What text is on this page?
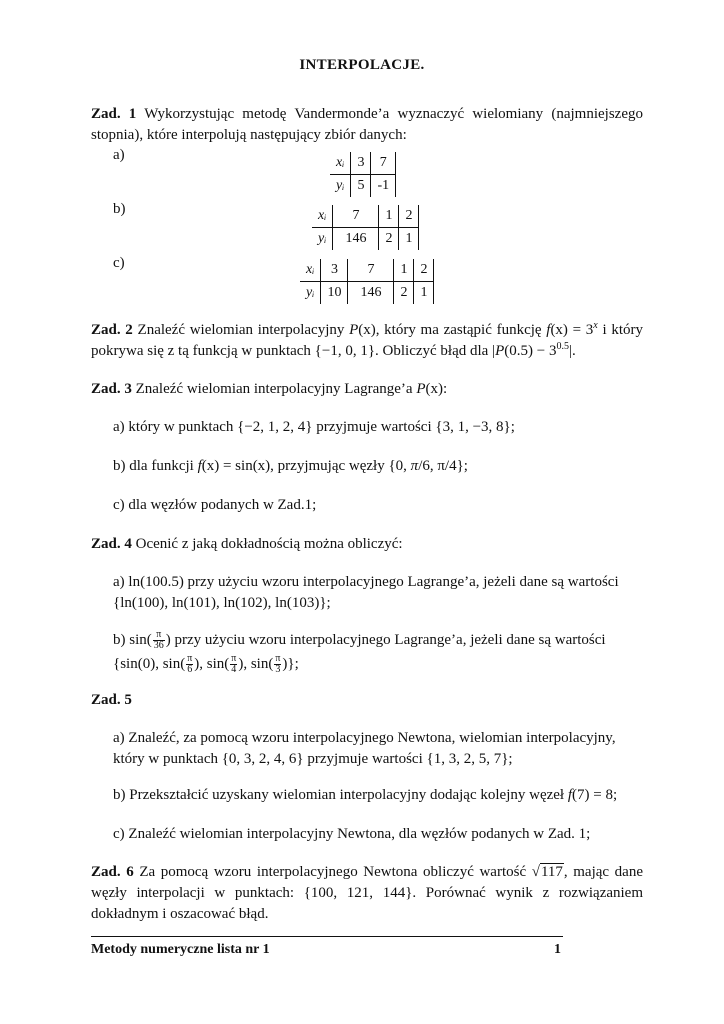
INTERPOLACJE.
Zad. 1 Wykorzystując metodę Vandermonde’a wyznaczyć wielomiany (najmniejszego stopnia), które interpolują następujący zbiór danych:
a)	xᵢ	3	7
yᵢ	5	-1
b)	xᵢ	7	1	2
yᵢ	146	2	1
c)	xᵢ	3	7	1	2
yᵢ	10	146	2	1
Zad. 2 Znaleźć wielomian interpolacyjny P(x), który ma zastąpić funkcję $f(x) = 3^x$ i który pokrywa się z tą funkcją w punktach {−1, 0, 1}. Obliczyć błąd dla $|P(0.5) - 3^{0.5}|$.
Zad. 3 Znaleźć wielomian interpolacyjny Lagrange’a P(x):
a) który w punktach {−2, 1, 2, 4} przyjmuje wartości {3, 1, −3, 8};
b) dla funkcji f(x) = sin(x), przyjmując węzły {0, π/6, π/4};
c) dla węzłów podanych w Zad.1;
Zad. 4 Ocenić z jaką dokładnością można obliczyć:
a) ln(100.5) przy użyciu wzoru interpolacyjnego Lagrange’a, jeżeli dane są wartości
{ln(100), ln(101), ln(102), ln(103)};
b) $\sin( \frac{\pi}{36}$ ) przy użyciu wzoru interpolacyjnego Lagrange’a, jeżeli dane są wartości
{sin(0), $\sin( \frac{\pi}{6}$ ), $\sin( \frac{\pi}{4}$ ), $\sin( \frac{\pi}{3}$ )};
Zad. 5
a) Znaleźć, za pomocą wzoru interpolacyjnego Newtona, wielomian interpolacyjny,
który w punktach {0, 3, 2, 4, 6} przyjmuje wartości {1, 3, 2, 5, 7};
b) Przekształcić uzyskany wielomian interpolacyjny dodając kolejny węzeł f(7) = 8;
c) Znaleźć wielomian interpolacyjny Newtona, dla węzłów podanych w Zad. 1;
Zad. 6 Za pomocą wzoru interpolacyjnego Newtona obliczyć wartość √117, mając dane węzły interpolacji w punktach: {100, 121, 144}. Porównać wynik z rozwiązaniem dokładnym i oszacować błąd.
Metody numeryczne lista nr 1	1
